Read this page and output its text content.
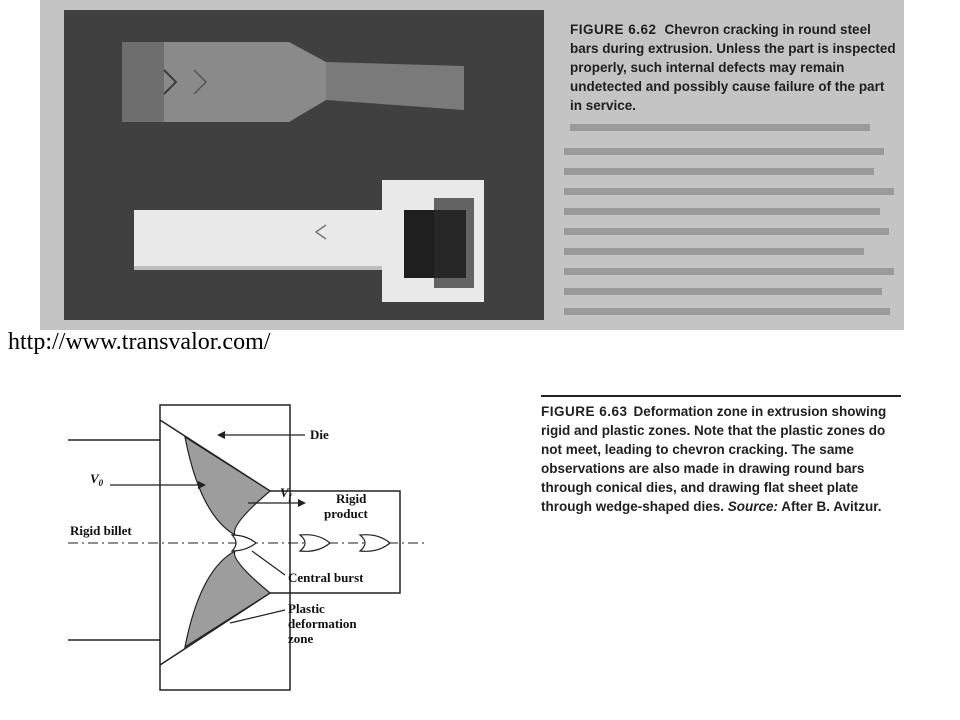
FIGURE 6.62 Chevron cracking in round steel bars during extrusion. Unless the part is inspected properly, such internal defects may remain undetected and possibly cause failure of the part in service.
http://www.transvalor.com/
Die
$V_0$
$V_f$	Rigid
product
Rigid billet
Central burst
Plastic
deformation
zone
FIGURE 6.63 Deformation zone in extrusion showing rigid and plastic zones. Note that the plastic zones do not meet, leading to chevron cracking. The same observations are also made in drawing round bars through conical dies, and drawing flat sheet plate through wedge-shaped dies. Source: After B. Avitzur.
